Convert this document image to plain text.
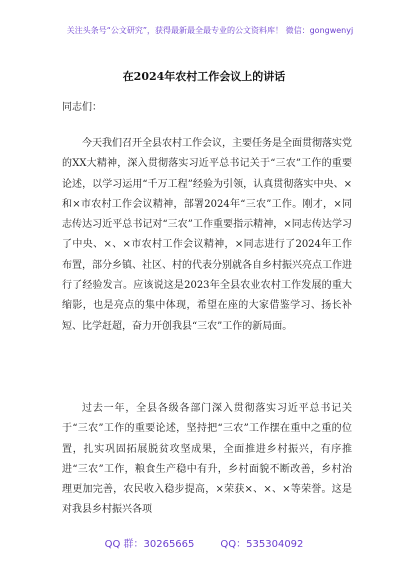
关注头条号“公文研究”，获得最新最全最专业的公文资料库！ 微信：gongwenyj
在2024年农村工作会议上的讲话
同志们：
今天我们召开全县农村工作会议，主要任务是全面贯彻落实党的XX大精神，深入贯彻落实习近平总书记关于“三农”工作的重要论述，以学习运用“千万工程”经验为引领，认真贯彻落实中央、×和×市农村工作会议精神，部署2024年“三农”工作。刚才，×同志传达习近平总书记对“三农”工作重要指示精神，×同志传达学习了中央、×、×市农村工作会议精神，×同志进行了2024年工作布置，部分乡镇、社区、村的代表分别就各自乡村振兴亮点工作进行了经验发言。应该说这是2023年全县农业农村工作发展的重大缩影，也是亮点的集中体现，希望在座的大家借鉴学习、扬长补短、比学赶超，奋力开创我县“三农”工作的新局面。
过去一年，全县各级各部门深入贯彻落实习近平总书记关于“三农”工作的重要论述，坚持把“三农”工作摆在重中之重的位置，扎实巩固拓展脱贫攻坚成果，全面推进乡村振兴，有序推进“三农”工作，粮食生产稳中有升，乡村面貌不断改善，乡村治理更加完善，农民收入稳步提高，×荣获×、×、×等荣誉。这是对我县乡村振兴各项
QQ 群：30265665	QQ：535304092
